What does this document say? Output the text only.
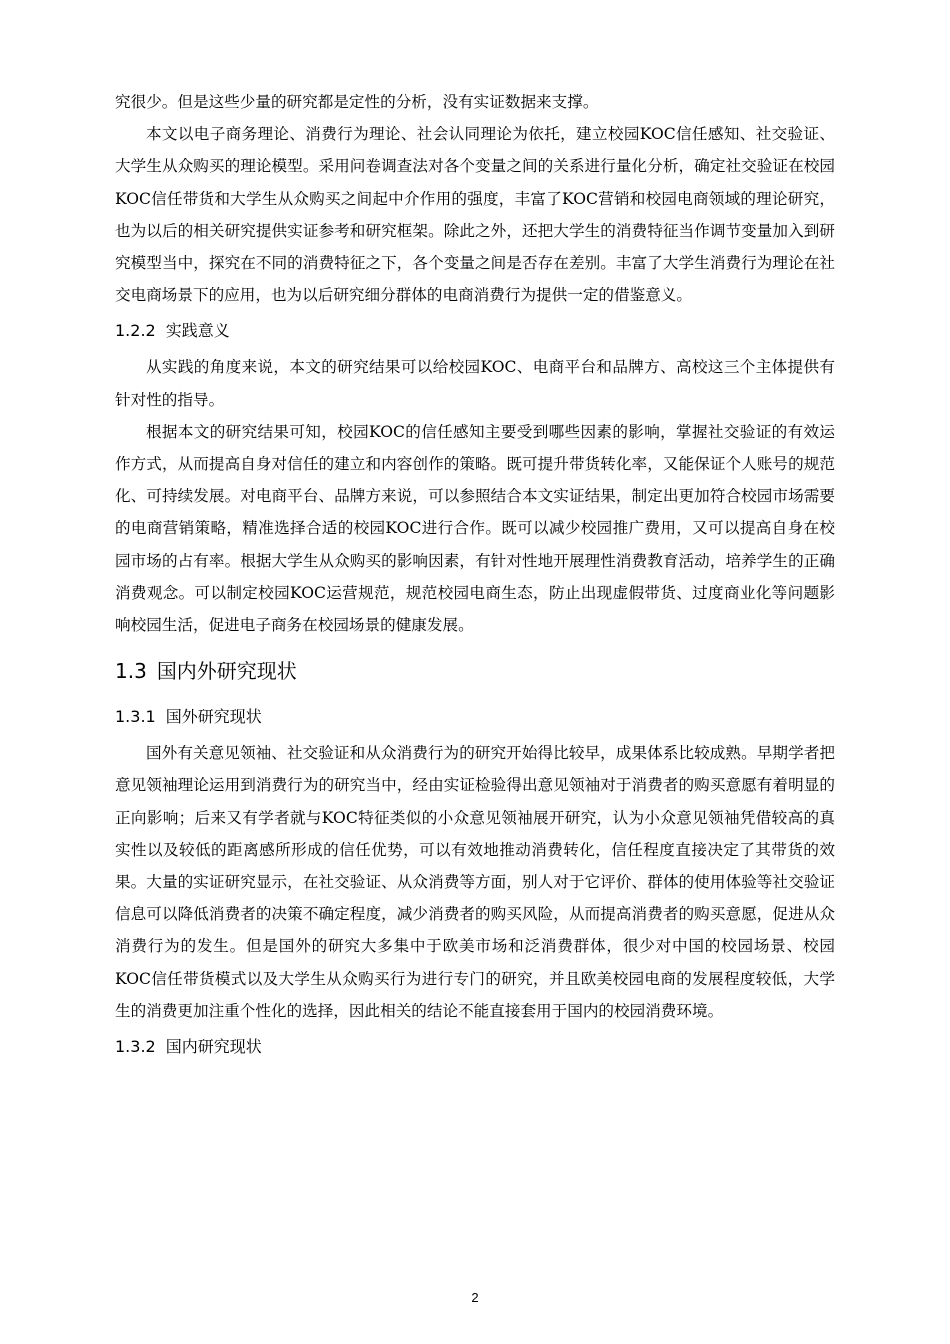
究很少。但是这些少量的研究都是定性的分析，没有实证数据来支撑。

本文以电子商务理论、消费行为理论、社会认同理论为依托，建立校园KOC信任感知、社交验证、大学生从众购买的理论模型。采用问卷调查法对各个变量之间的关系进行量化分析，确定社交验证在校园KOC信任带货和大学生从众购买之间起中介作用的强度，丰富了KOC营销和校园电商领域的理论研究，也为以后的相关研究提供实证参考和研究框架。除此之外，还把大学生的消费特征当作调节变量加入到研究模型当中，探究在不同的消费特征之下，各个变量之间是否存在差别。丰富了大学生消费行为理论在社交电商场景下的应用，也为以后研究细分群体的电商消费行为提供一定的借鉴意义。

1.2.2 实践意义

从实践的角度来说，本文的研究结果可以给校园KOC、电商平台和品牌方、高校这三个主体提供有针对性的指导。

根据本文的研究结果可知，校园KOC的信任感知主要受到哪些因素的影响，掌握社交验证的有效运作方式，从而提高自身对信任的建立和内容创作的策略。既可提升带货转化率，又能保证个人账号的规范化、可持续发展。对电商平台、品牌方来说，可以参照结合本文实证结果，制定出更加符合校园市场需要的电商营销策略，精准选择合适的校园KOC进行合作。既可以减少校园推广费用，又可以提高自身在校园市场的占有率。根据大学生从众购买的影响因素，有针对性地开展理性消费教育活动，培养学生的正确消费观念。可以制定校园KOC运营规范，规范校园电商生态，防止出现虚假带货、过度商业化等问题影响校园生活，促进电子商务在校园场景的健康发展。

1.3 国内外研究现状
1.3.1 国外研究现状

国外有关意见领袖、社交验证和从众消费行为的研究开始得比较早，成果体系比较成熟。早期学者把意见领袖理论运用到消费行为的研究当中，经由实证检验得出意见领袖对于消费者的购买意愿有着明显的正向影响；后来又有学者就与KOC特征类似的小众意见领袖展开研究，认为小众意见领袖凭借较高的真实性以及较低的距离感所形成的信任优势，可以有效地推动消费转化，信任程度直接决定了其带货的效果。大量的实证研究显示，在社交验证、从众消费等方面，别人对于它评价、群体的使用体验等社交验证信息可以降低消费者的决策不确定程度，减少消费者的购买风险，从而提高消费者的购买意愿，促进从众消费行为的发生。但是国外的研究大多集中于欧美市场和泛消费群体，很少对中国的校园场景、校园KOC信任带货模式以及大学生从众购买行为进行专门的研究，并且欧美校园电商的发展程度较低，大学生的消费更加注重个性化的选择，因此相关的结论不能直接套用于国内的校园消费环境。

1.3.2 国内研究现状
2
